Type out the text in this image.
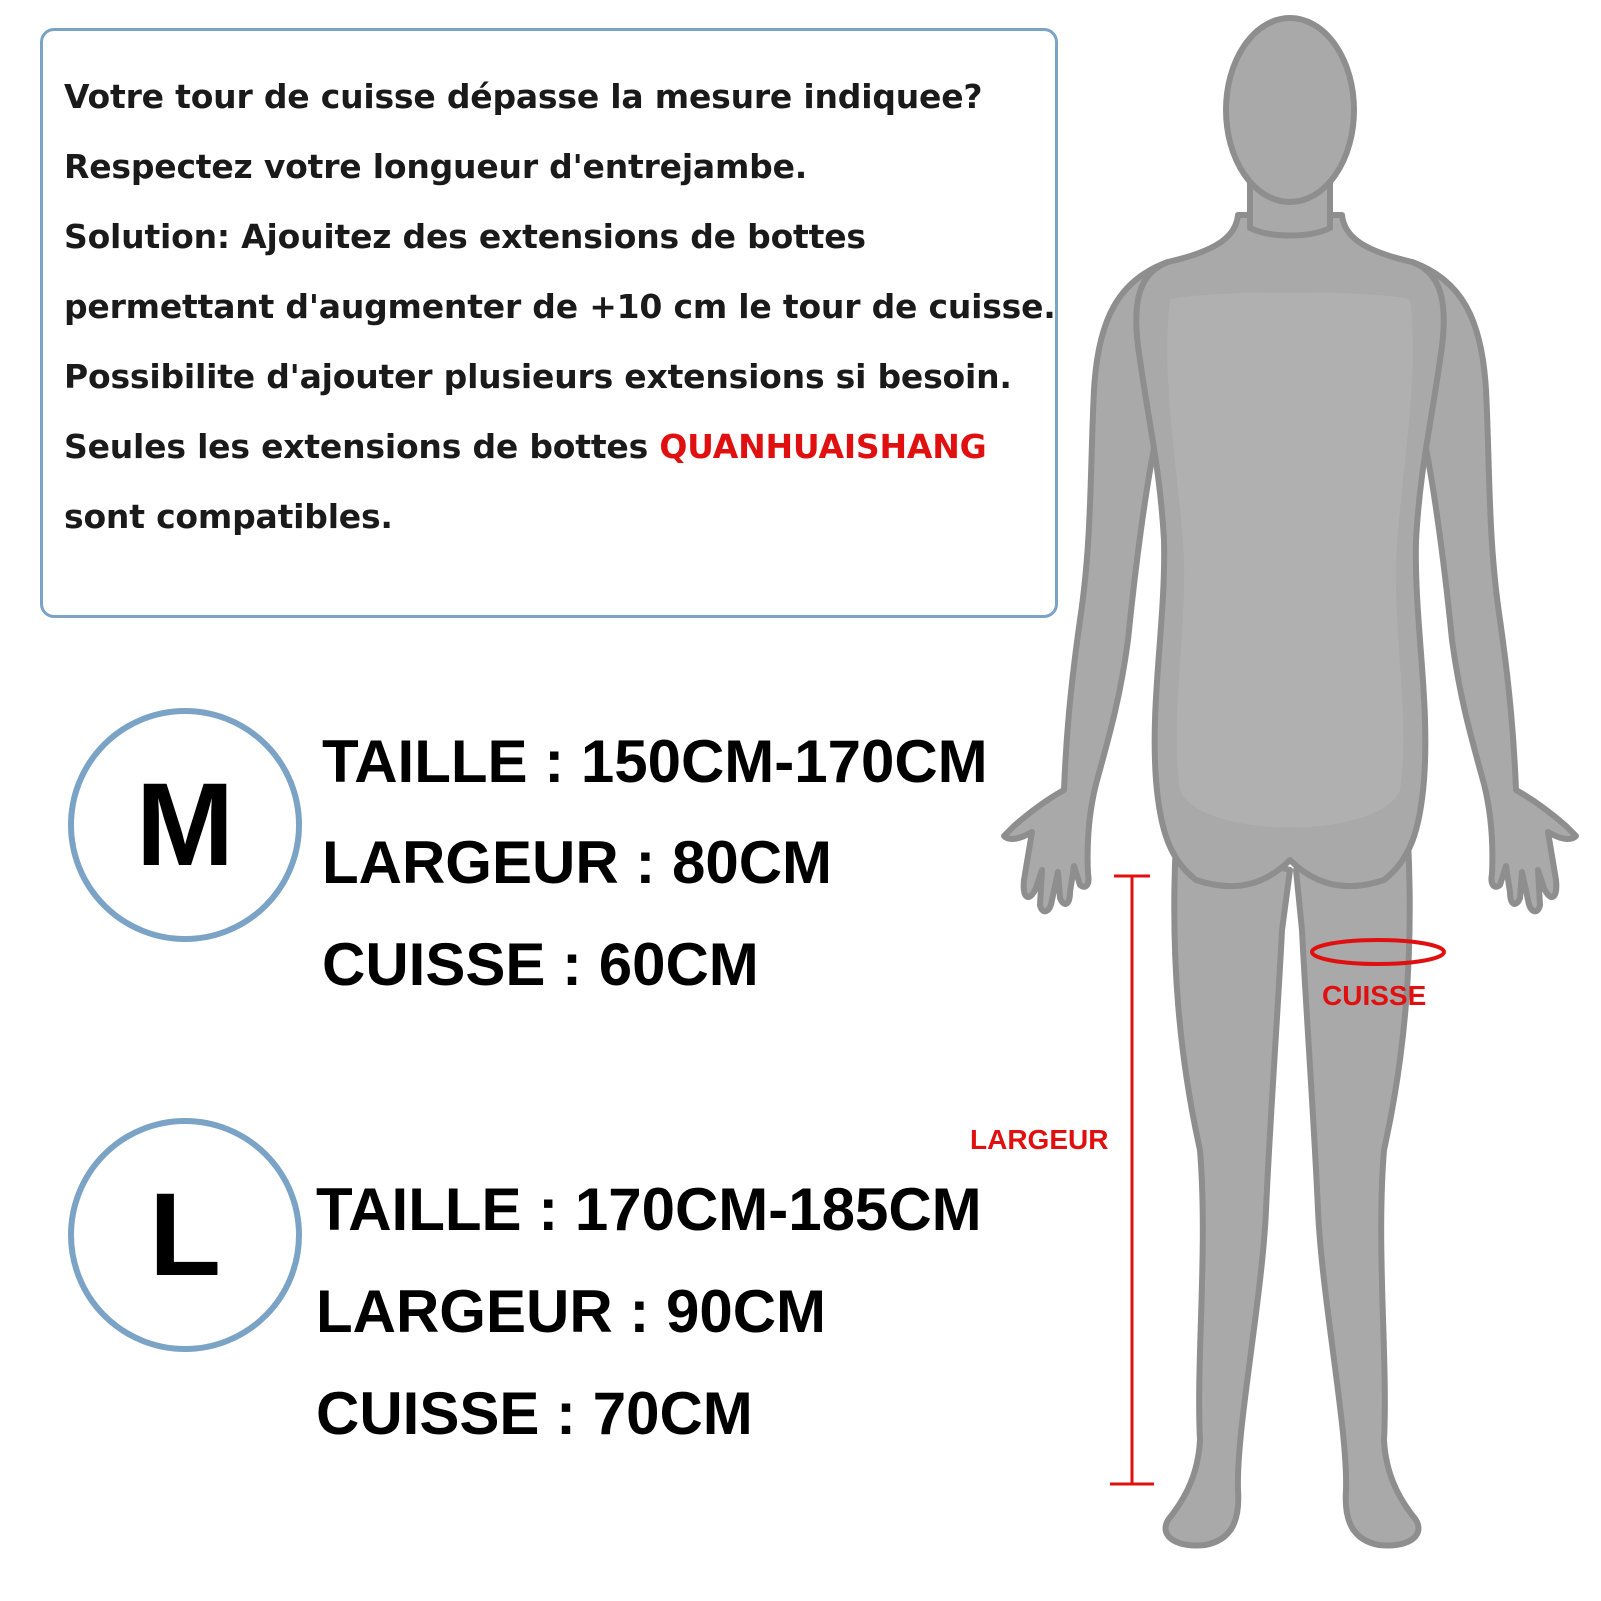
Votre tour de cuisse dépasse la mesure indiquee?
Respectez votre longueur d'entrejambe.
Solution: Ajouitez des extensions de bottes
permettant d'augmenter de +10 cm le tour de cuisse.
Possibilite d'ajouter plusieurs extensions si besoin.
Seules les extensions de bottes QUANHUAISHANG
sont compatibles.
M TAILLE : 150CM-170CM
LARGEUR : 80CM
CUISSE : 60CM
L TAILLE : 170CM-185CM
LARGEUR : 90CM
CUISSE : 70CM
LARGEUR
CUISSE
